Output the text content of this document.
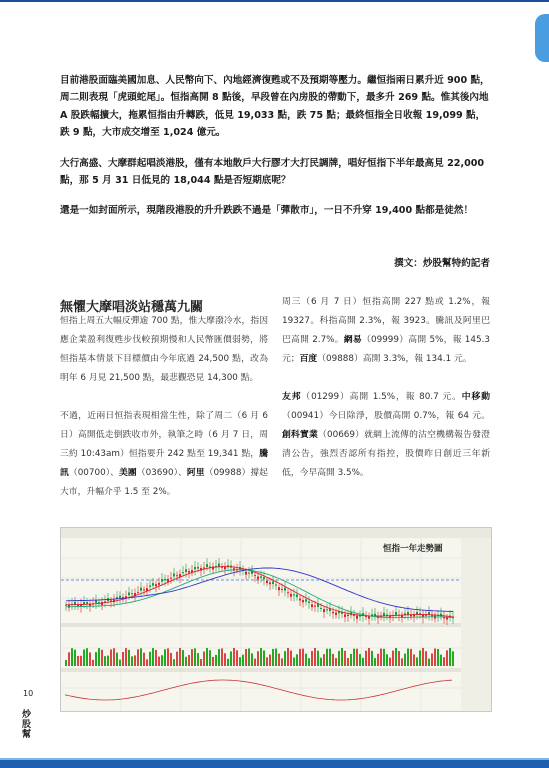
目前港股面臨美國加息、人民幣向下、內地經濟復甦或不及預期等壓力。繼恒指兩日累升近 900 點，周二則表現「虎頭蛇尾」。恒指高開 8 點後，早段曾在內房股的帶動下，最多升 269 點。惟其後內地 A 股跌幅擴大，拖累恒指由升轉跌，低見 19,033 點，跌 75 點；最終恒指全日收報 19,099 點，跌 9 點，大市成交增至 1,024 億元。

大行高盛、大摩群起唱淡港股，僅有本地散戶大行膠才大打民調牌，唱好恒指下半年最高見 22,000 點，那 5 月 31 日低見的 18,044 點是否短期底呢？

還是一如封面所示，現階段港股的升升跌跌不過是「彈散市」，一日不升穿 19,400 點都是徒然！

撰文：炒股幫特約記者
無懼大摩唱淡站穩萬九關

恒指上周五大幅反彈逾 700 點，惟大摩潑冷水，指因應企業盈利復甦步伐較預期慢和人民幣匯價弱勢，將恒指基本情景下目標價由今年底過 24,500 點，改為明年 6 月見 21,500 點，最悲觀恐見 14,300 點。

不過，近兩日恒指表現相當生性，除了周二（6 月 6 日）高開低走倒跌收市外，執筆之時（6 月 7 日，周三約 10:43am）恒指要升 242 點至 19,341 點，騰訊（00700）、美團（03690）、阿里（09988）撐起大市，升幅介乎 1.5 至 2%。

周三（6 月 7 日）恒指高開 227 點或 1.2%，報 19327。科指高開 2.3%，報 3923。騰訊及阿里巴巴高開 2.7%。網易（09999）高開 5%，報 145.3 元；百度（09888）高開 3.3%，報 134.1 元。

友邦（01299）高開 1.5%，報 80.7 元。中移動（00941）今日除淨，股價高開 0.7%，報 64 元。創科實業（00669）就網上流傳的沽空機構報告發澄清公告，強烈否認所有指控，股價昨日創近三年新低，今早高開 3.5%。

恒指一年走勢圖
10
炒股幫
